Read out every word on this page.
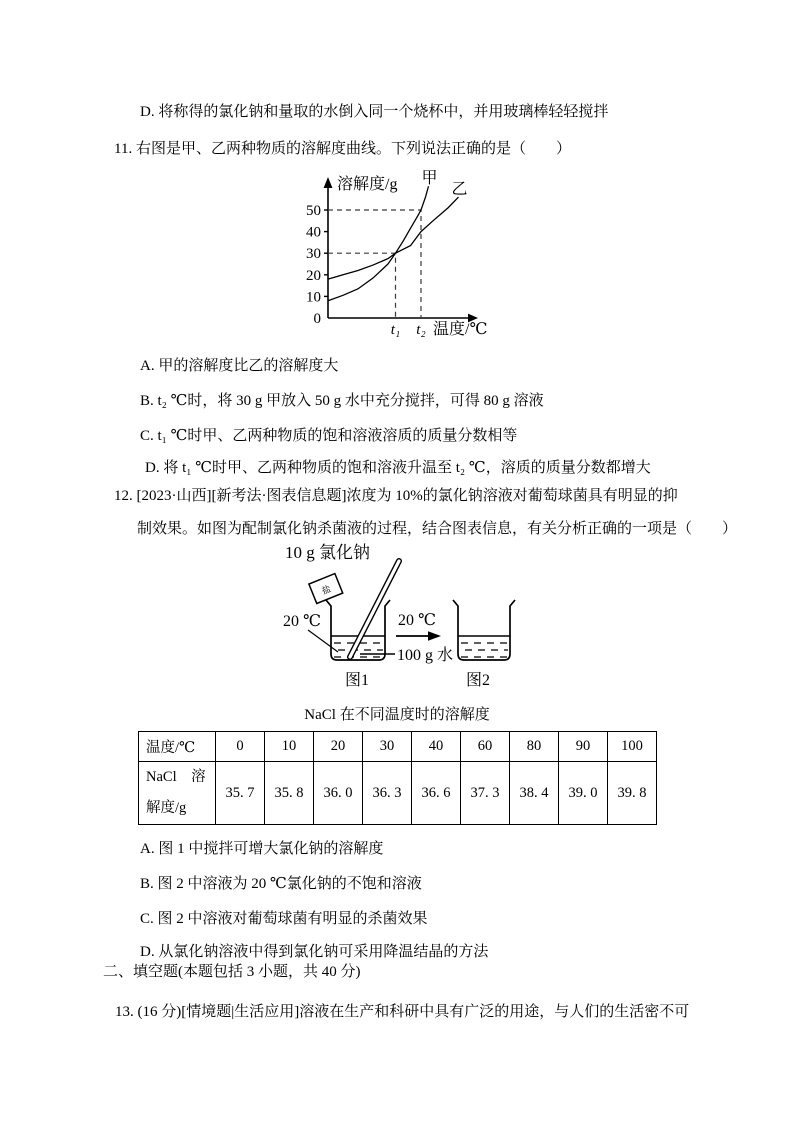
D. 将称得的氯化钠和量取的水倒入同一个烧杯中，并用玻璃棒轻轻搅拌
11. 右图是甲、乙两种物质的溶解度曲线。下列说法正确的是（　　）
0
10
20
30
40
50
t₁ t₂
甲
乙
溶解度/g
温度/℃
A. 甲的溶解度比乙的溶解度大
B. t₂ ℃时，将 30 g 甲放入 50 g 水中充分搅拌，可得 80 g 溶液
C. t₁ ℃时甲、乙两种物质的饱和溶液溶质的质量分数相等
D. 将 t₁ ℃时甲、乙两种物质的饱和溶液升温至 t₂ ℃，溶质的质量分数都增大
12. [2023·山西][新考法·图表信息题]浓度为 10%的氯化钠溶液对葡萄球菌具有明显的抑
制效果。如图为配制氯化钠杀菌液的过程，结合图表信息，有关分析正确的一项是（　　）
10 g 氯化钠
盐
20 ℃
100 g 水
20 ℃
图1	图2
NaCl 在不同温度时的溶解度
温度/℃	0	10	20	30	40	60	80	90	100
NaCl　溶解度/g	35. 7	35. 8	36. 0	36. 3	36. 6	37. 3	38. 4	39. 0	39. 8
A. 图 1 中搅拌可增大氯化钠的溶解度
B. 图 2 中溶液为 20 ℃氯化钠的不饱和溶液
C. 图 2 中溶液对葡萄球菌有明显的杀菌效果
D. 从氯化钠溶液中得到氯化钠可采用降温结晶的方法
二、填空题(本题包括 3 小题，共 40 分)
13. (16 分)[情境题|生活应用]溶液在生产和科研中具有广泛的用途，与人们的生活密不可
